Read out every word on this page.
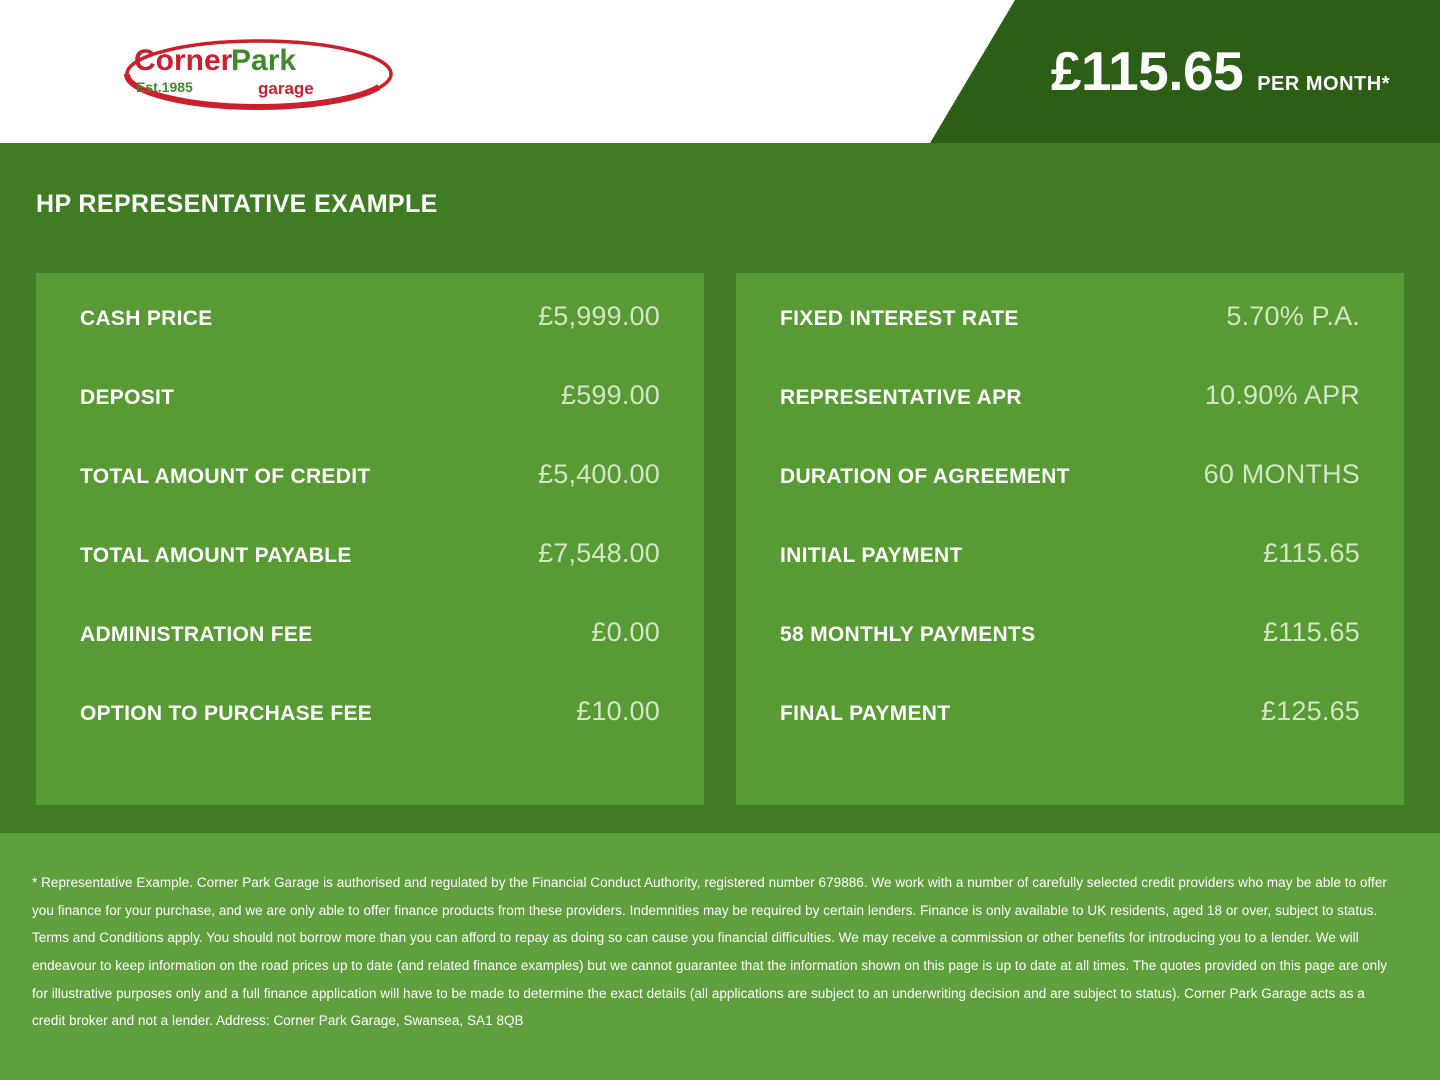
Corner
Park
Est.1985	garage	£115.65 PER MONTH*
HP REPRESENTATIVE EXAMPLE
CASH PRICE	£5,999.00
DEPOSIT	£599.00
TOTAL AMOUNT OF CREDIT	£5,400.00
TOTAL AMOUNT PAYABLE	£7,548.00
ADMINISTRATION FEE	£0.00
OPTION TO PURCHASE FEE	£10.00
FIXED INTEREST RATE	5.70% P.A.
REPRESENTATIVE APR	10.90% APR
DURATION OF AGREEMENT	60 MONTHS
INITIAL PAYMENT	£115.65
58 MONTHLY PAYMENTS	£115.65
FINAL PAYMENT	£125.65

* Representative Example. Corner Park Garage is authorised and regulated by the Financial Conduct Authority, registered number 679886. We work with a number of carefully selected credit providers who may be able to offer you finance for your purchase, and we are only able to offer finance products from these providers. Indemnities may be required by certain lenders. Finance is only available to UK residents, aged 18 or over, subject to status. Terms and Conditions apply. You should not borrow more than you can afford to repay as doing so can cause you financial difficulties. We may receive a commission or other benefits for introducing you to a lender. We will endeavour to keep information on the road prices up to date (and related finance examples) but we cannot guarantee that the information shown on this page is up to date at all times. The quotes provided on this page are only for illustrative purposes only and a full finance application will have to be made to determine the exact details (all applications are subject to an underwriting decision and are subject to status). Corner Park Garage acts as a credit broker and not a lender. Address: Corner Park Garage, Swansea, SA1 8QB
